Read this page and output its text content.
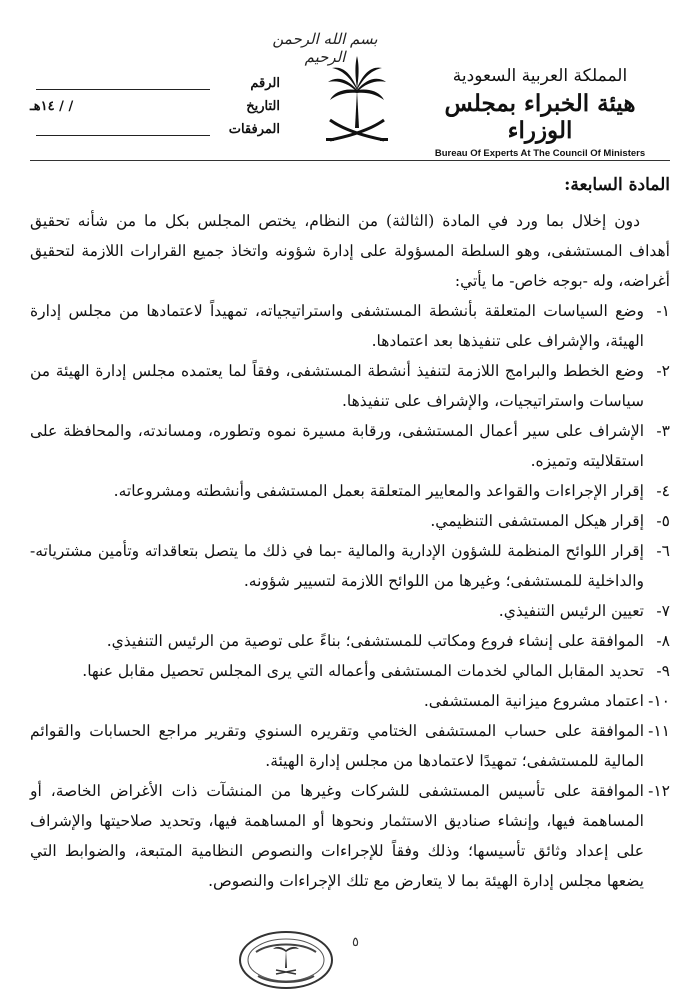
بسم الله الرحمن الرحيم
المملكة العربية السعودية
هيئة الخبراء بمجلس الوزراء
Bureau Of Experts At The Council Of Ministers
الرقم
التاريخ
/ / ١٤هـ
المرفقات
المادة السابعة:

دون إخلال بما ورد في المادة (الثالثة) من النظام، يختص المجلس بكل ما من شأنه تحقيق أهداف المستشفى، وهو السلطة المسؤولة على إدارة شؤونه واتخاذ جميع القرارات اللازمة لتحقيق أغراضه، وله -بوجه خاص- ما يأتي:

١-
وضع السياسات المتعلقة بأنشطة المستشفى واستراتيجياته، تمهيداً لاعتمادها من مجلس إدارة الهيئة، والإشراف على تنفيذها بعد اعتمادها.
٢-
وضع الخطط والبرامج اللازمة لتنفيذ أنشطة المستشفى، وفقاً لما يعتمده مجلس إدارة الهيئة من سياسات واستراتيجيات، والإشراف على تنفيذها.
٣-
الإشراف على سير أعمال المستشفى، ورقابة مسيرة نموه وتطوره، ومساندته، والمحافظة على استقلاليته وتميزه.
٤-
إقرار الإجراءات والقواعد والمعايير المتعلقة بعمل المستشفى وأنشطته ومشروعاته.
٥-
إقرار هيكل المستشفى التنظيمي.
٦-
إقرار اللوائح المنظمة للشؤون الإدارية والمالية -بما في ذلك ما يتصل بتعاقداته وتأمين مشترياته- والداخلية للمستشفى؛ وغيرها من اللوائح اللازمة لتسيير شؤونه.
٧-
تعيين الرئيس التنفيذي.
٨-
الموافقة على إنشاء فروع ومكاتب للمستشفى؛ بناءً على توصية من الرئيس التنفيذي.
٩-
تحديد المقابل المالي لخدمات المستشفى وأعماله التي يرى المجلس تحصيل مقابل عنها.
١٠-
اعتماد مشروع ميزانية المستشفى.
١١-
الموافقة على حساب المستشفى الختامي وتقريره السنوي وتقرير مراجع الحسابات والقوائم المالية للمستشفى؛ تمهيدًا لاعتمادها من مجلس إدارة الهيئة.
١٢-
الموافقة على تأسيس المستشفى للشركات وغيرها من المنشآت ذات الأغراض الخاصة، أو المساهمة فيها، وإنشاء صناديق الاستثمار ونحوها أو المساهمة فيها، وتحديد صلاحيتها والإشراف على إعداد وثائق تأسيسها؛ وذلك وفقاً للإجراءات والنصوص النظامية المتبعة، والضوابط التي يضعها مجلس إدارة الهيئة بما لا يتعارض مع تلك الإجراءات والنصوص.
٥
